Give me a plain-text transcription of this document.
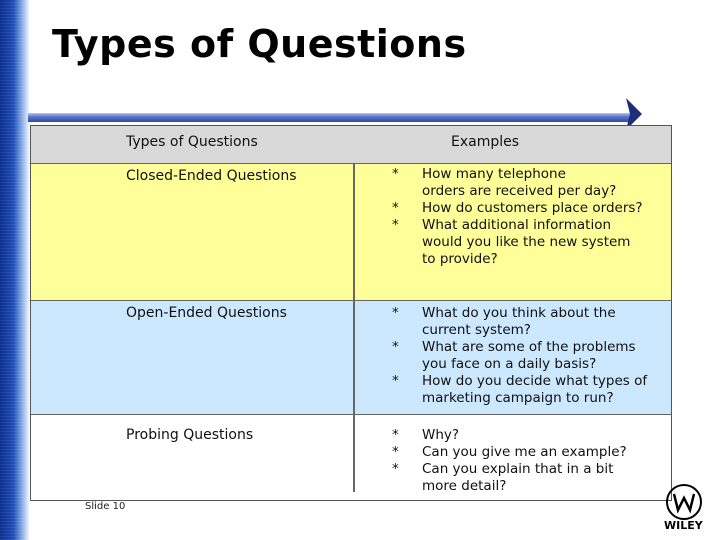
Types of Questions
Types of Questions	Examples
Closed-Ended Questions	* How many telephone
orders are received per day?
* How do customers place orders?
* What additional information
would you like the new system
to provide?
Open-Ended Questions	* What do you think about the
current system?
* What are some of the problems
you face on a daily basis?
* How do you decide what types of
marketing campaign to run?
Probing Questions	* Why?
* Can you give me an example?
* Can you explain that in a bit
more detail?
Slide 10
WILEY
